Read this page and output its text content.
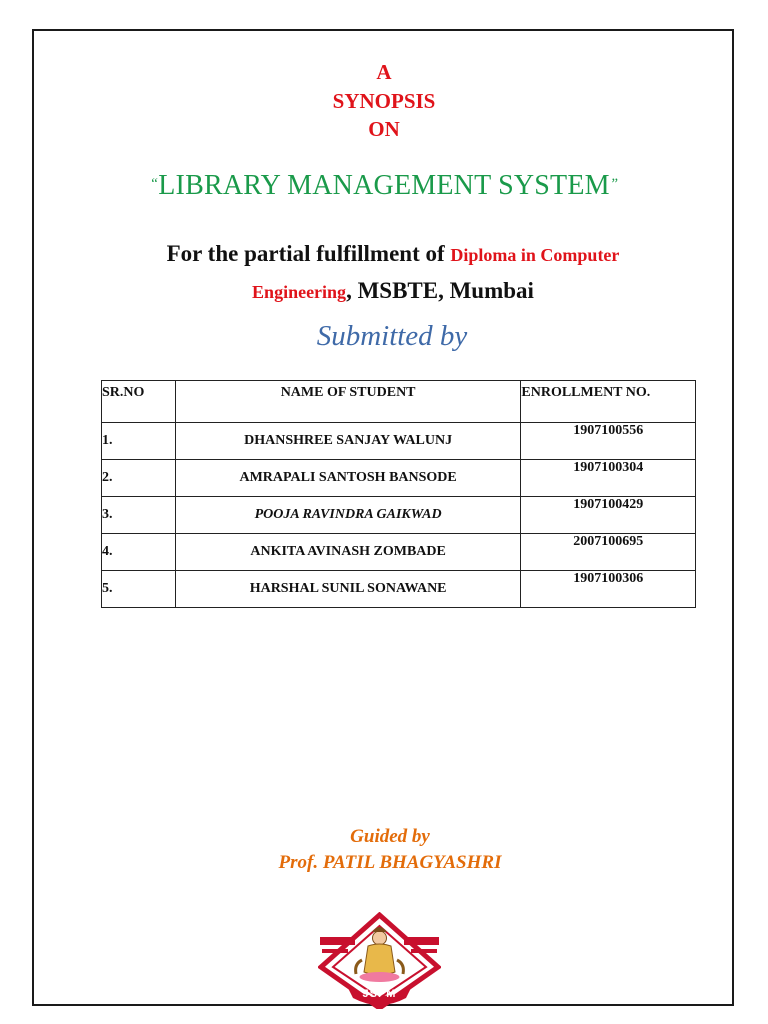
A
SYNOPSIS
ON
“LIBRARY MANAGEMENT SYSTEM”
For the partial fulfillment of Diploma in Computer
Engineering, MSBTE, Mumbai
Submitted by
SR.NO	NAME OF STUDENT	ENROLLMENT NO.
1.	DHANSHREE SANJAY WALUNJ	1907100556
2.	AMRAPALI SANTOSH BANSODE	1907100304
3.	POOJA RAVINDRA GAIKWAD	1907100429
4.	ANKITA AVINASH ZOMBADE	2007100695
5.	HARSHAL SUNIL SONAWANE	1907100306
Guided by
Prof. PATIL BHAGYASHRI
JSPM
